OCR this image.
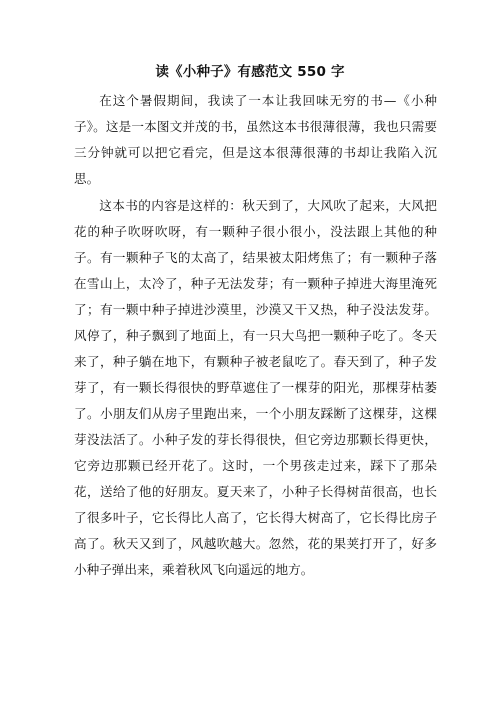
读《小种子》有感范文 550 字

在这个暑假期间，我读了一本让我回味无穷的书—《小种子》。这是一本图文并茂的书，虽然这本书很薄很薄，我也只需要三分钟就可以把它看完，但是这本很薄很薄的书却让我陷入沉思。

这本书的内容是这样的：秋天到了，大风吹了起来，大风把花的种子吹呀吹呀，有一颗种子很小很小，没法跟上其他的种子。有一颗种子飞的太高了，结果被太阳烤焦了；有一颗种子落在雪山上，太冷了，种子无法发芽；有一颗种子掉进大海里淹死了；有一颗中种子掉进沙漠里，沙漠又干又热，种子没法发芽。风停了，种子飘到了地面上，有一只大鸟把一颗种子吃了。冬天来了，种子躺在地下，有颗种子被老鼠吃了。春天到了，种子发芽了，有一颗长得很快的野草遮住了一棵芽的阳光，那棵芽枯萎了。小朋友们从房子里跑出来，一个小朋友踩断了这棵芽，这棵芽没法活了。小种子发的芽长得很快，但它旁边那颗长得更快，它旁边那颗已经开花了。这时，一个男孩走过来，踩下了那朵花，送给了他的好朋友。夏天来了，小种子长得树苗很高，也长了很多叶子，它长得比人高了，它长得大树高了，它长得比房子高了。秋天又到了，风越吹越大。忽然，花的果荚打开了，好多小种子弹出来，乘着秋风飞向遥远的地方。
